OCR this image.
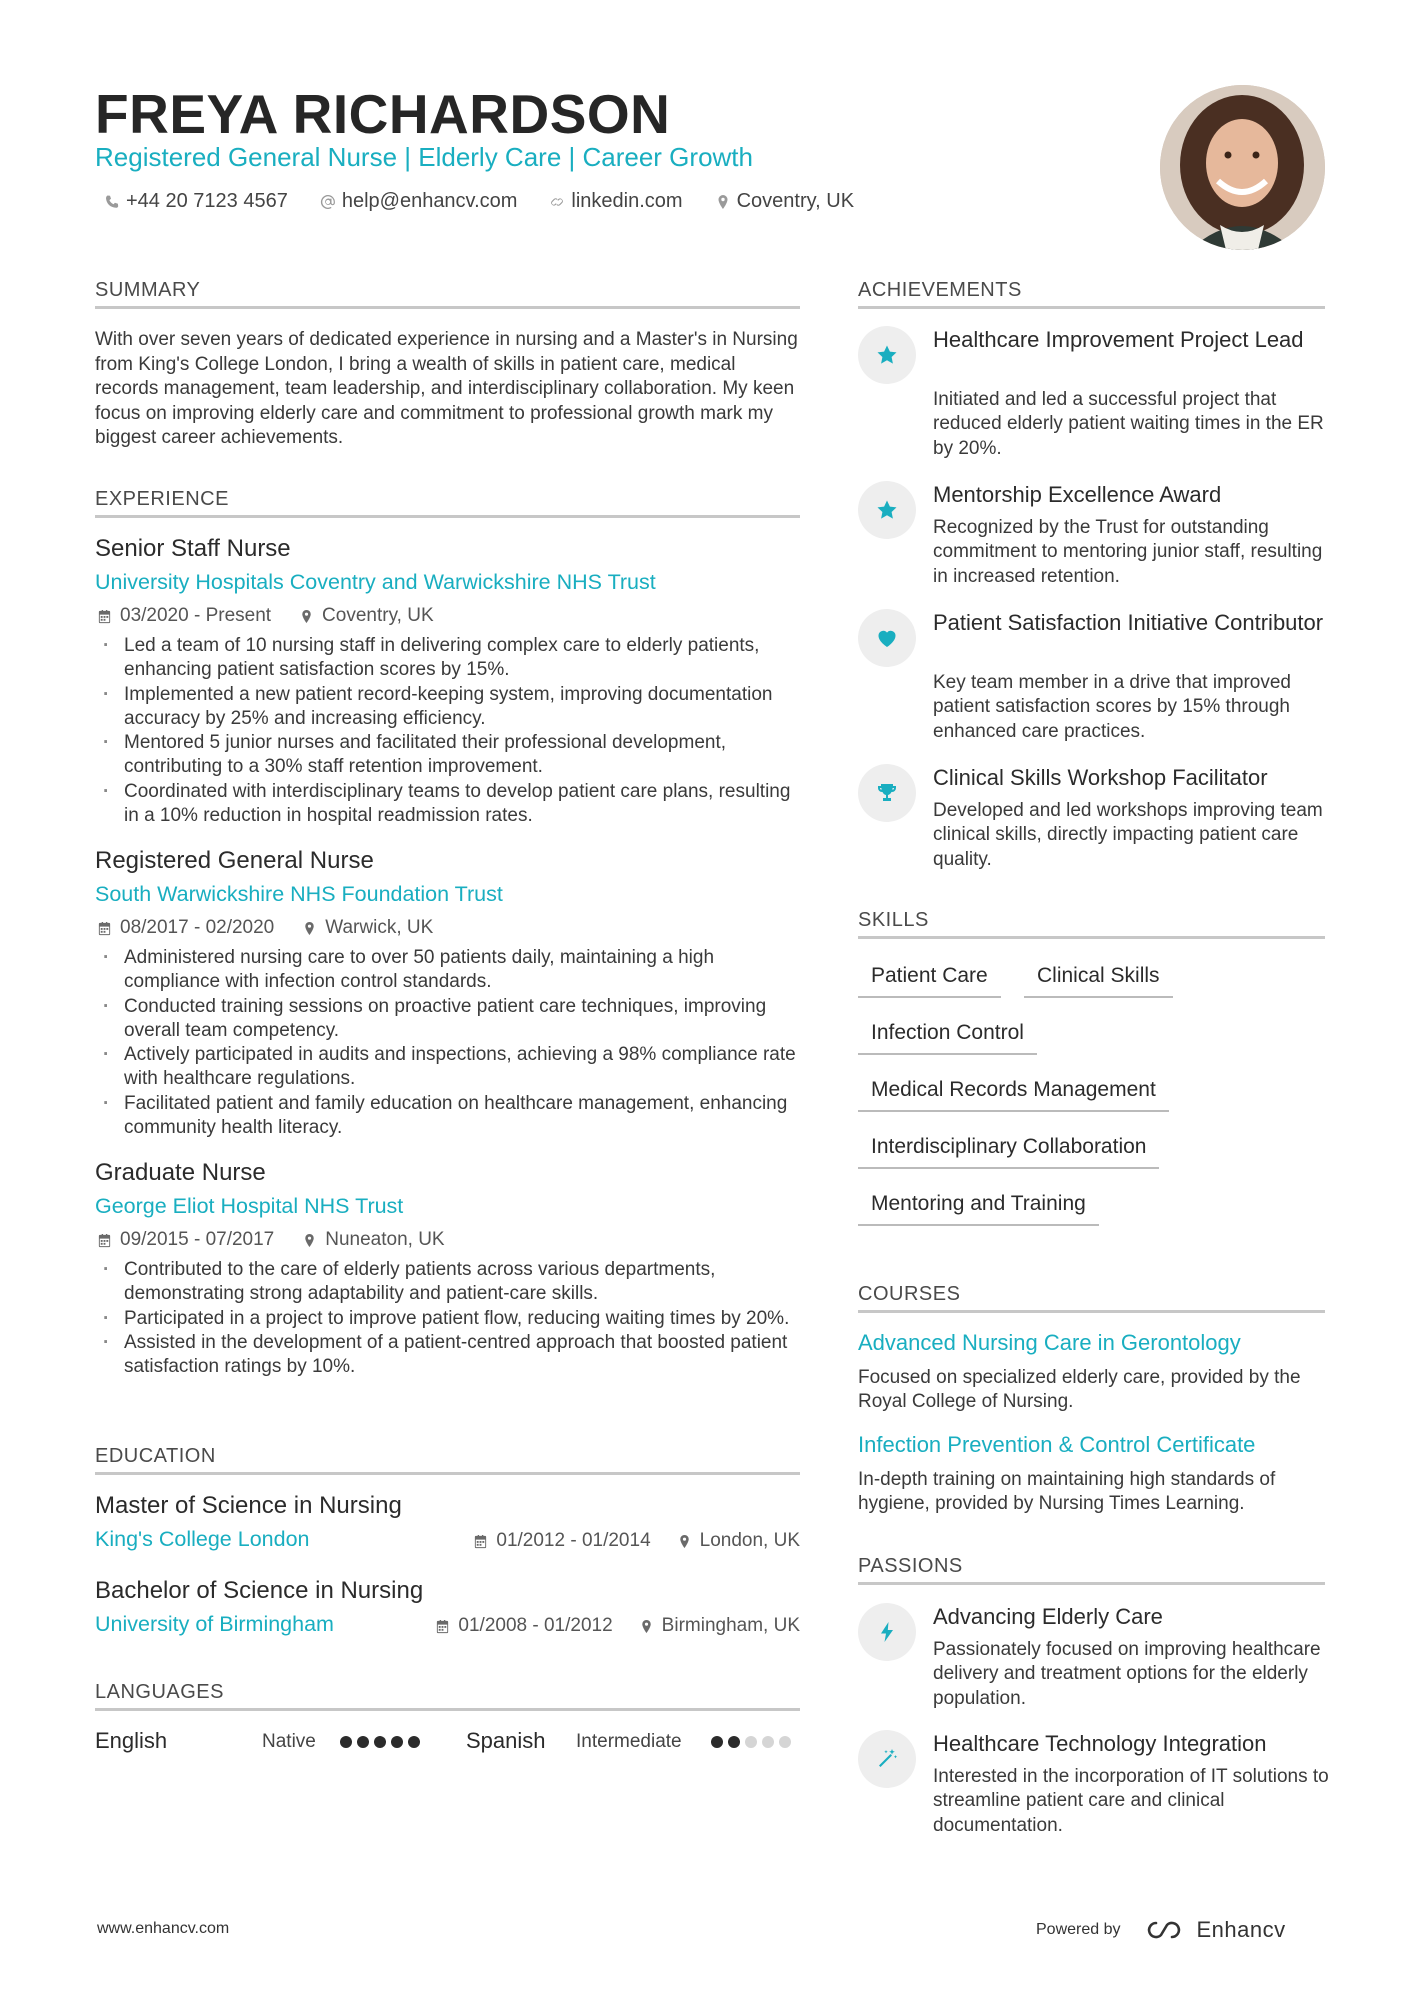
FREYA RICHARDSON
Registered General Nurse | Elderly Care | Career Growth
+44 20 7123 4567	help@enhancv.com	linkedin.com	Coventry, UK
SUMMARY
With over seven years of dedicated experience in nursing and a Master's in Nursing from King's College London, I bring a wealth of skills in patient care, medical records management, team leadership, and interdisciplinary collaboration. My keen focus on improving elderly care and commitment to professional growth mark my biggest career achievements.
EXPERIENCE
Senior Staff Nurse
University Hospitals Coventry and Warwickshire NHS Trust
03/2020 - Present	Coventry, UK
· Led a team of 10 nursing staff in delivering complex care to elderly patients, enhancing patient satisfaction scores by 15%.
· Implemented a new patient record-keeping system, improving documentation accuracy by 25% and increasing efficiency.
· Mentored 5 junior nurses and facilitated their professional development, contributing to a 30% staff retention improvement.
· Coordinated with interdisciplinary teams to develop patient care plans, resulting in a 10% reduction in hospital readmission rates.
Registered General Nurse
South Warwickshire NHS Foundation Trust
08/2017 - 02/2020	Warwick, UK
· Administered nursing care to over 50 patients daily, maintaining a high compliance with infection control standards.
· Conducted training sessions on proactive patient care techniques, improving overall team competency.
· Actively participated in audits and inspections, achieving a 98% compliance rate with healthcare regulations.
· Facilitated patient and family education on healthcare management, enhancing community health literacy.
Graduate Nurse
George Eliot Hospital NHS Trust
09/2015 - 07/2017	Nuneaton, UK
· Contributed to the care of elderly patients across various departments, demonstrating strong adaptability and patient-care skills.
· Participated in a project to improve patient flow, reducing waiting times by 20%.
· Assisted in the development of a patient-centred approach that boosted patient satisfaction ratings by 10%.
EDUCATION
Master of Science in Nursing
King's College London	01/2012 - 01/2014	London, UK
Bachelor of Science in Nursing
University of Birmingham	01/2008 - 01/2012	Birmingham, UK
LANGUAGES
English	Native	Spanish Intermediate
ACHIEVEMENTS
Healthcare Improvement Project Lead
Initiated and led a successful project that reduced elderly patient waiting times in the ER by 20%.
Mentorship Excellence Award
Recognized by the Trust for outstanding commitment to mentoring junior staff, resulting in increased retention.
Patient Satisfaction Initiative Contributor
Key team member in a drive that improved patient satisfaction scores by 15% through enhanced care practices.
Clinical Skills Workshop Facilitator
Developed and led workshops improving team clinical skills, directly impacting patient care quality.
SKILLS
Patient Care	Clinical Skills
Infection Control
Medical Records Management
Interdisciplinary Collaboration
Mentoring and Training
COURSES
Advanced Nursing Care in Gerontology
Focused on specialized elderly care, provided by the Royal College of Nursing.
Infection Prevention & Control Certificate
In-depth training on maintaining high standards of hygiene, provided by Nursing Times Learning.
PASSIONS
Advancing Elderly Care
Passionately focused on improving healthcare delivery and treatment options for the elderly population.
Healthcare Technology Integration
Interested in the incorporation of IT solutions to streamline patient care and clinical documentation.
www.enhancv.com	Powered by	Enhancv
